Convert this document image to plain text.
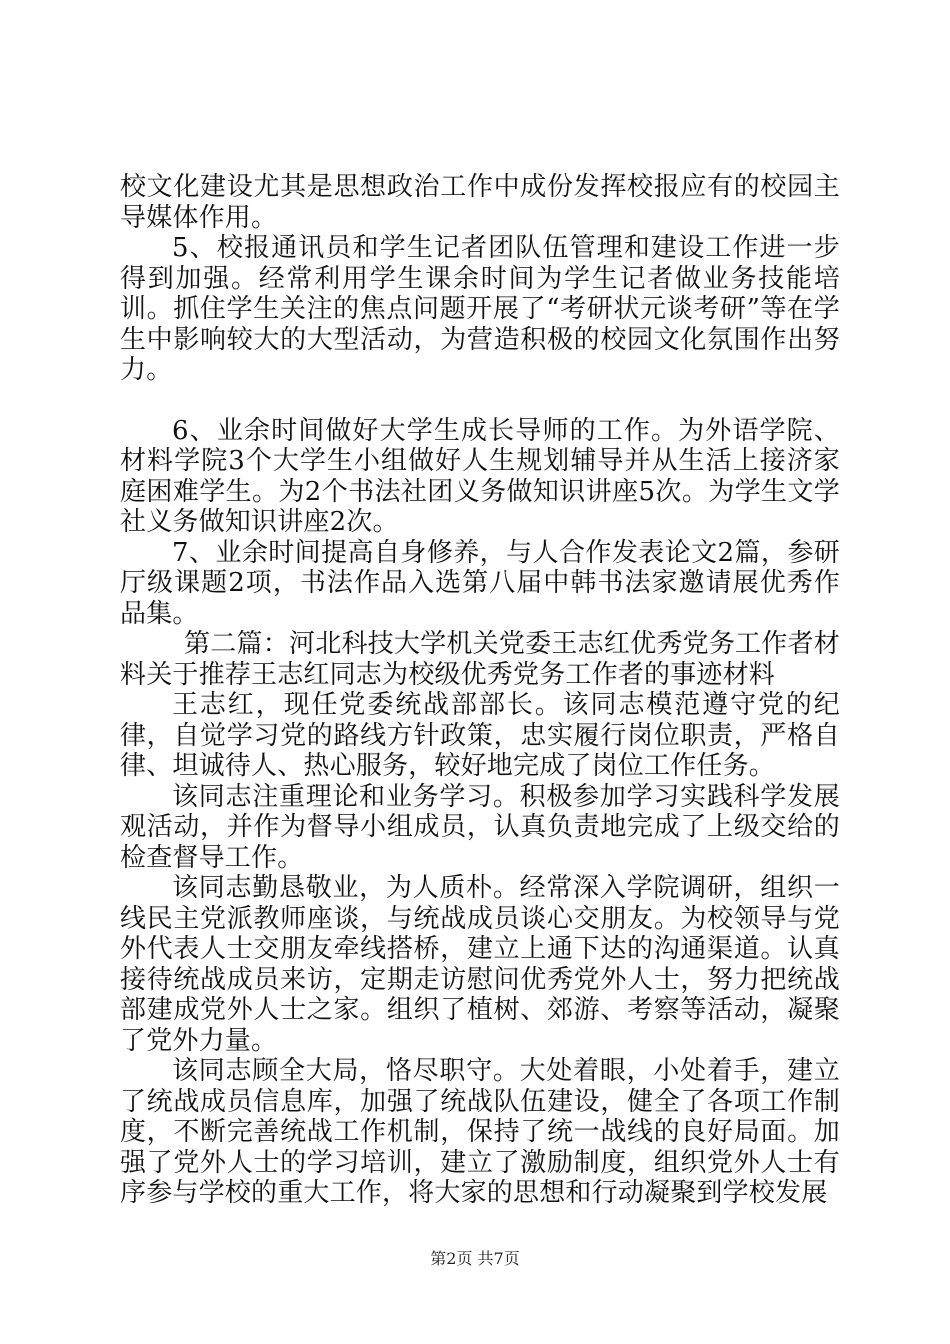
校文化建设尤其是思想政治工作中成份发挥校报应有的校园主导媒体作用。

5、校报通讯员和学生记者团队伍管理和建设工作进一步得到加强。经常利用学生课余时间为学生记者做业务技能培训。抓住学生关注的焦点问题开展了“考研状元谈考研”等在学生中影响较大的大型活动，为营造积极的校园文化氛围作出努力。

6、业余时间做好大学生成长导师的工作。为外语学院、材料学院3个大学生小组做好人生规划辅导并从生活上接济家庭困难学生。为2个书法社团义务做知识讲座5次。为学生文学社义务做知识讲座2次。

7、业余时间提高自身修养，与人合作发表论文2篇，参研厅级课题2项，书法作品入选第八届中韩书法家邀请展优秀作品集。

第二篇：河北科技大学机关党委王志红优秀党务工作者材料关于推荐王志红同志为校级优秀党务工作者的事迹材料

王志红，现任党委统战部部长。该同志模范遵守党的纪律，自觉学习党的路线方针政策，忠实履行岗位职责，严格自律、坦诚待人、热心服务，较好地完成了岗位工作任务。

该同志注重理论和业务学习。积极参加学习实践科学发展观活动，并作为督导小组成员，认真负责地完成了上级交给的检查督导工作。

该同志勤恳敬业，为人质朴。经常深入学院调研，组织一线民主党派教师座谈，与统战成员谈心交朋友。为校领导与党外代表人士交朋友牵线搭桥，建立上通下达的沟通渠道。认真接待统战成员来访，定期走访慰问优秀党外人士，努力把统战部建成党外人士之家。组织了植树、郊游、考察等活动，凝聚了党外力量。

该同志顾全大局，恪尽职守。大处着眼，小处着手，建立了统战成员信息库，加强了统战队伍建设，健全了各项工作制度，不断完善统战工作机制，保持了统一战线的良好局面。加强了党外人士的学习培训，建立了激励制度，组织党外人士有序参与学校的重大工作，将大家的思想和行动凝聚到学校发展

第2页 共7页
